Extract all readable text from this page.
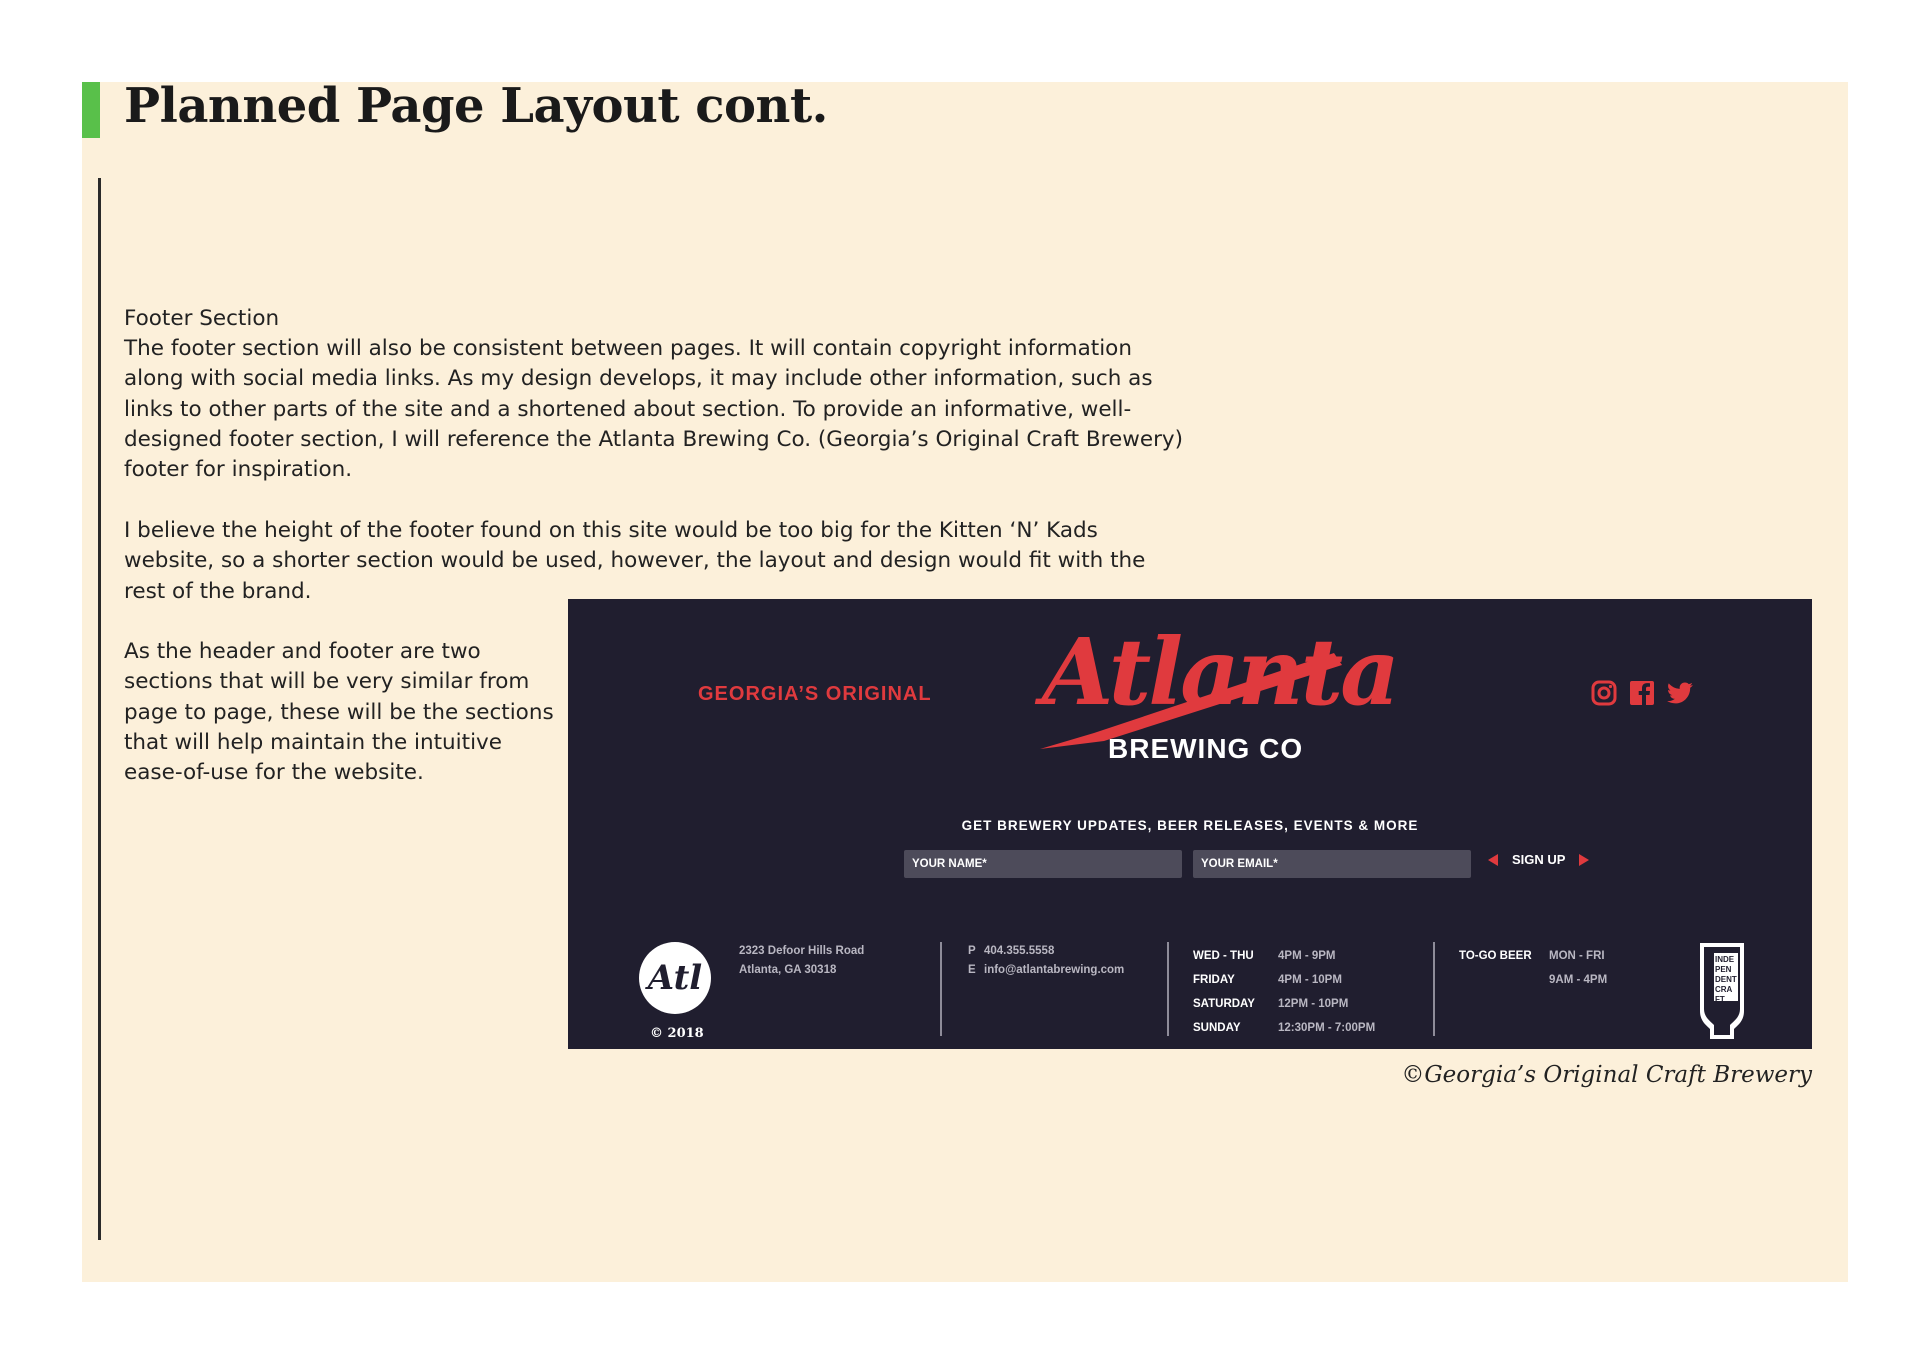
Planned Page Layout cont.

Footer Section

The footer section will also be consistent between pages. It will contain copyright information along with social media links. As my design develops, it may include other information, such as links to other parts of the site and a shortened about section. To provide an informative, well-designed footer section, I will reference the Atlanta Brewing Co. (Georgia’s Original Craft Brewery) footer for inspiration.

I believe the height of the footer found on this site would be too big for the Kitten ‘N’ Kads website, so a shorter section would be used, however, the layout and design would fit with the rest of the brand.

As the header and footer are two sections that will be very similar from page to page, these will be the sections that will help maintain the intuitive ease-of-use for the website.

GEORGIA’S ORIGINAL Atlanta
BREWING CO
GET BREWERY UPDATES, BEER RELEASES, EVENTS & MORE
YOUR NAME*
YOUR EMAIL*
SIGN UP
Atl
© 2018
2323 Defoor Hills Road
Atlanta, GA 30318
P 404.355.5558
E info@atlantabrewing.com
WED - THU	4PM - 9PM
FRIDAY	4PM - 10PM
SATURDAY	12PM - 10PM
SUNDAY	12:30PM - 7:00PM
TO-GO BEER	MON - FRI
9AM - 4PM
INDEPENDENT CRAFT
©Georgia’s Original Craft Brewery
